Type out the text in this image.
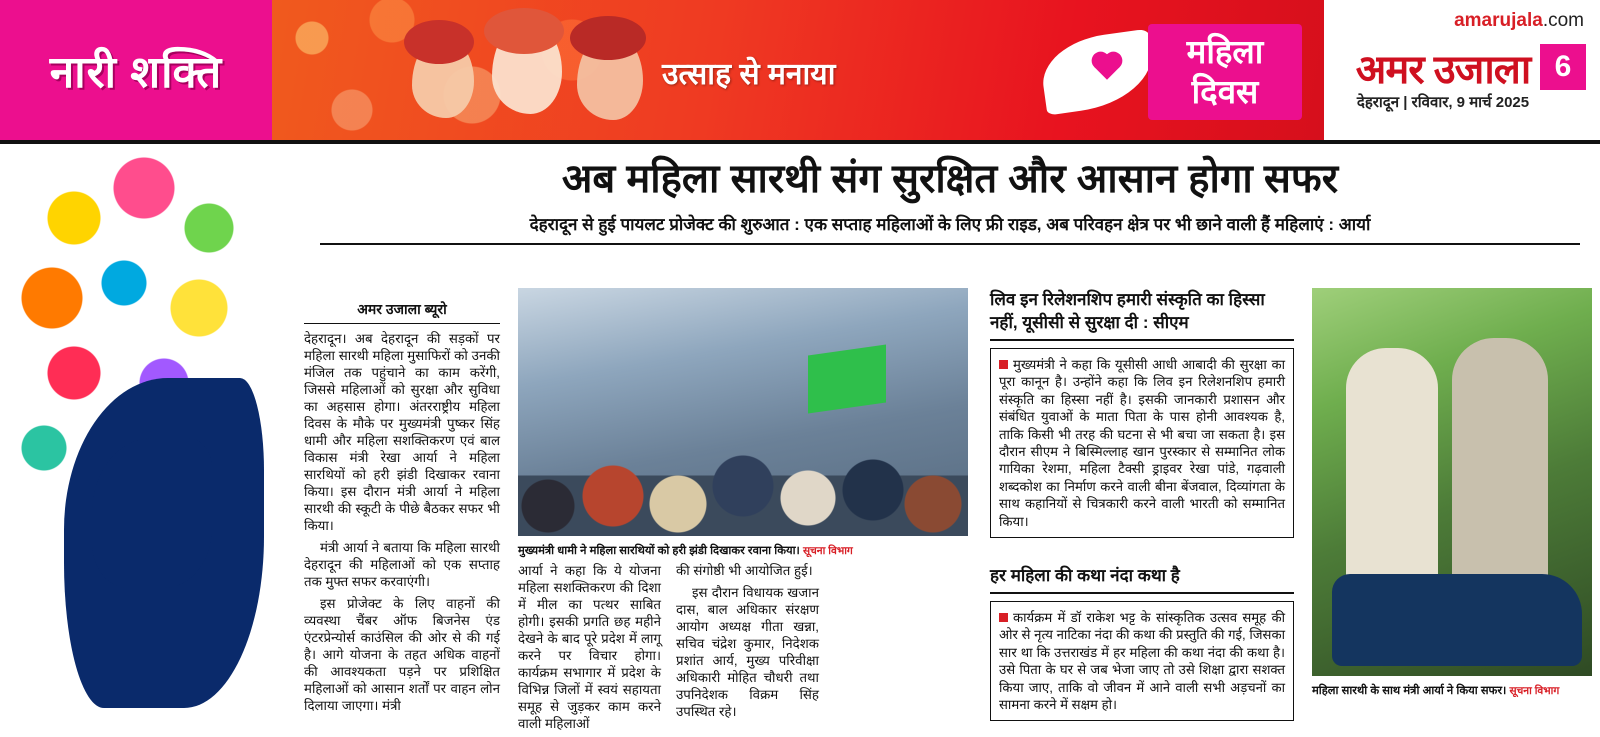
नारी शक्ति	उत्साह से मनाया
महिला
दिवस
amarujala.com
अमर उजाला
देहरादून | रविवार, 9 मार्च 2025
6
अब महिला सारथी संग सुरक्षित और आसान होगा सफर
देहरादून से हुई पायलट प्रोजेक्ट की शुरुआत : एक सप्ताह महिलाओं के लिए फ्री राइड, अब परिवहन क्षेत्र पर भी छाने वाली हैं महिलाएं : आर्या
अमर उजाला ब्यूरो

देहरादून। अब देहरादून की सड़कों पर महिला सारथी महिला मुसाफिरों को उनकी मंजिल तक पहुंचाने का काम करेंगी, जिससे महिलाओं को सुरक्षा और सुविधा का अहसास होगा। अंतरराष्ट्रीय महिला दिवस के मौके पर मुख्यमंत्री पुष्कर सिंह धामी और महिला सशक्तिकरण एवं बाल विकास मंत्री रेखा आर्या ने महिला सारथियों को हरी झंडी दिखाकर रवाना किया। इस दौरान मंत्री आर्या ने महिला सारथी की स्कूटी के पीछे बैठकर सफर भी किया।

मंत्री आर्या ने बताया कि महिला सारथी देहरादून की महिलाओं को एक सप्ताह तक मुफ्त सफर करवाएंगी।

इस प्रोजेक्ट के लिए वाहनों की व्यवस्था चैंबर ऑफ बिजनेस एंड एंटरप्रेन्योर्स काउंसिल की ओर से की गई है। आगे योजना के तहत अधिक वाहनों की आवश्यकता पड़ने पर प्रशिक्षित महिलाओं को आसान शर्तों पर वाहन लोन दिलाया जाएगा। मंत्री

मुख्यमंत्री धामी ने महिला सारथियों को हरी झंडी दिखाकर रवाना किया। सूचना विभाग

आर्या ने कहा कि ये योजना महिला सशक्तिकरण की दिशा में मील का पत्थर साबित होगी। इसकी प्रगति छह महीने देखने के बाद पूरे प्रदेश में लागू करने पर विचार होगा। कार्यक्रम सभागार में प्रदेश के विभिन्न जिलों में स्वयं सहायता समूह से जुड़कर काम करने वाली महिलाओं

की संगोष्ठी भी आयोजित हुई।

इस दौरान विधायक खजान दास, बाल अधिकार संरक्षण आयोग अध्यक्ष गीता खन्ना, सचिव चंद्रेश कुमार, निदेशक प्रशांत आर्य, मुख्य परिवीक्षा अधिकारी मोहित चौधरी तथा उपनिदेशक विक्रम सिंह उपस्थित रहे।

लिव इन रिलेशनशिप हमारी संस्कृति का हिस्सा नहीं, यूसीसी से सुरक्षा दी : सीएम

मुख्यमंत्री ने कहा कि यूसीसी आधी आबादी की सुरक्षा का पूरा कानून है। उन्होंने कहा कि लिव इन रिलेशनशिप हमारी संस्कृति का हिस्सा नहीं है। इसकी जानकारी प्रशासन और संबंधित युवाओं के माता पिता के पास होनी आवश्यक है, ताकि किसी भी तरह की घटना से भी बचा जा सकता है। इस दौरान सीएम ने बिस्मिल्लाह खान पुरस्कार से सम्मानित लोक गायिका रेशमा, महिला टैक्सी ड्राइवर रेखा पांडे, गढ़वाली शब्दकोश का निर्माण करने वाली बीना बेंजवाल, दिव्यांगता के साथ कहानियों से चित्रकारी करने वाली भारती को सम्मानित किया।

हर महिला की कथा नंदा कथा है

कार्यक्रम में डॉ राकेश भट्ट के सांस्कृतिक उत्सव समूह की ओर से नृत्य नाटिका नंदा की कथा की प्रस्तुति की गई, जिसका सार था कि उत्तराखंड में हर महिला की कथा नंदा की कथा है। उसे पिता के घर से जब भेजा जाए तो उसे शिक्षा द्वारा सशक्त किया जाए, ताकि वो जीवन में आने वाली सभी अड़चनों का सामना करने में सक्षम हो।

महिला सारथी के साथ मंत्री आर्या ने किया सफर। सूचना विभाग
